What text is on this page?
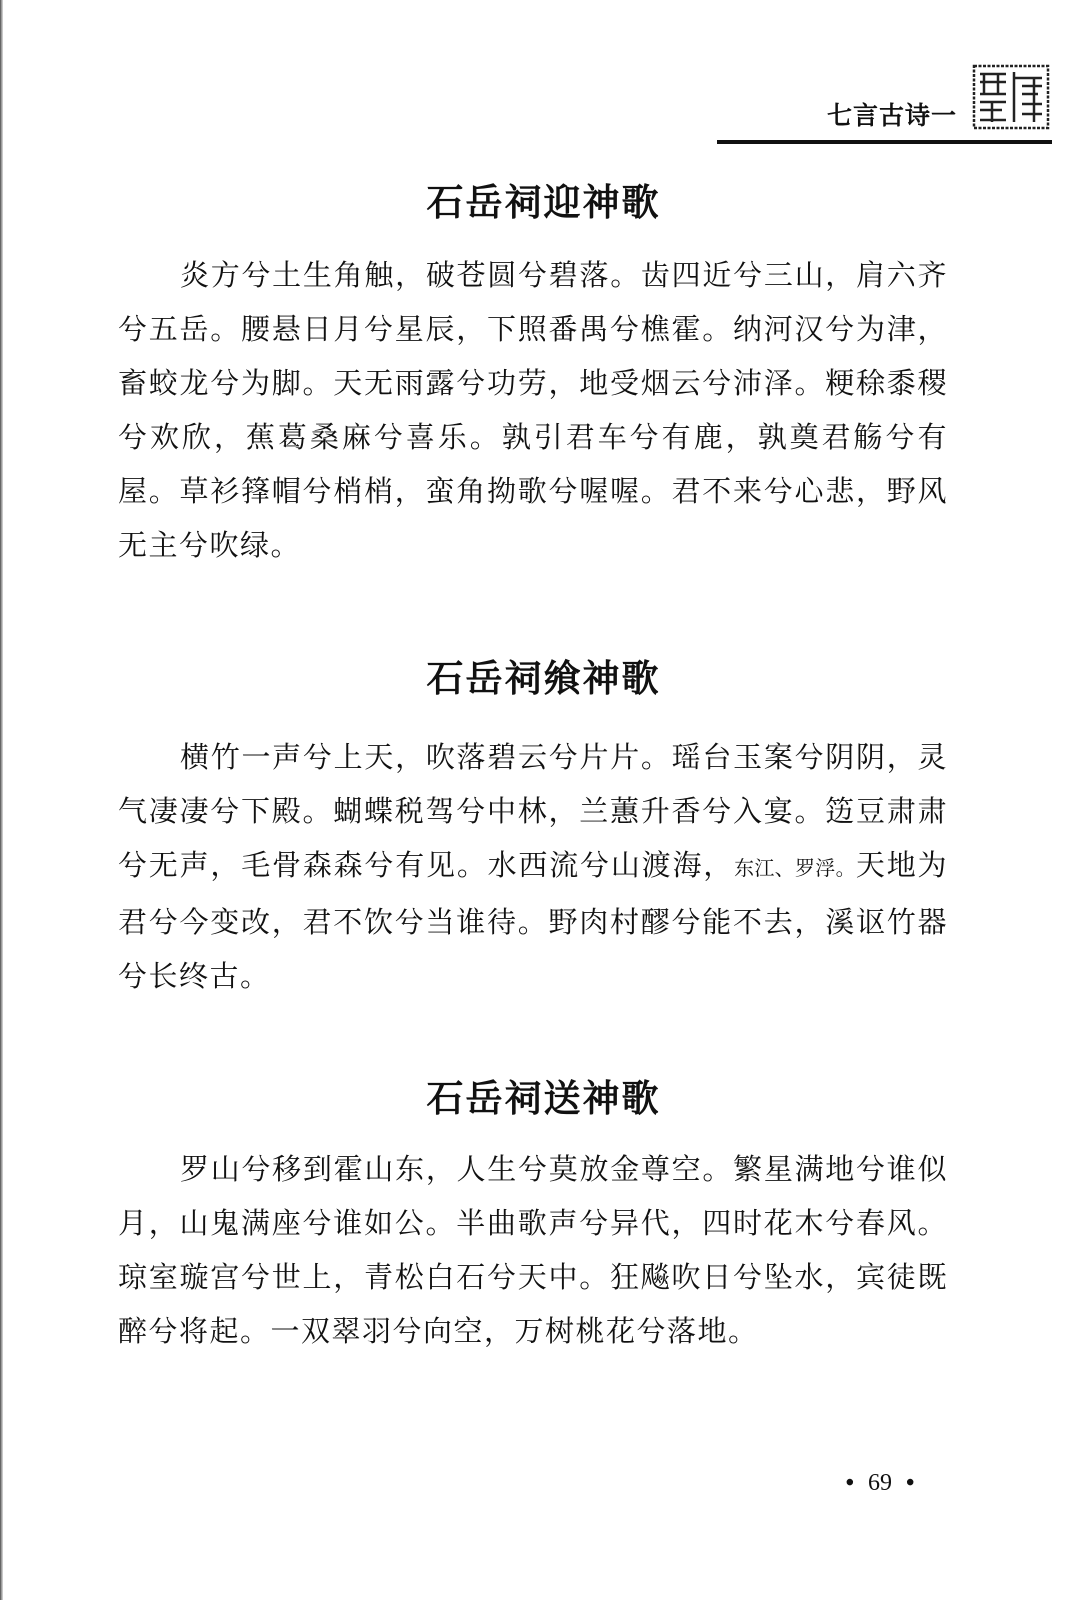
七言古诗一
石岳祠迎神歌
炎方兮土生角触，破苍圆兮碧落。齿四近兮三山，肩六齐兮五岳。腰悬日月兮星辰，下照番禺兮樵霍。纳河汉兮为津，畜蛟龙兮为脚。天无雨露兮功劳，地受烟云兮沛泽。粳稌黍稷兮欢欣，蕉葛桑麻兮喜乐。孰引君车兮有鹿，孰奠君觞兮有屋。草衫箨帽兮梢梢，蛮角拗歌兮喔喔。君不来兮心悲，野风无主兮吹绿。
石岳祠飨神歌
横竹一声兮上天，吹落碧云兮片片。瑶台玉案兮阴阴，灵气凄凄兮下殿。蝴蝶税驾兮中林，兰蕙升香兮入宴。笾豆肃肃兮无声，毛骨森森兮有见。水西流兮山渡海，东江、罗浮。天地为君兮今变改，君不饮兮当谁待。野肉村醪兮能不去，溪讴竹器兮长终古。
石岳祠送神歌
罗山兮移到霍山东，人生兮莫放金尊空。繁星满地兮谁似月，山鬼满座兮谁如公。半曲歌声兮异代，四时花木兮春风。琼室璇宫兮世上，青松白石兮天中。狂飚吹日兮坠水，宾徒既醉兮将起。一双翠羽兮向空，万树桃花兮落地。
• 69 •
